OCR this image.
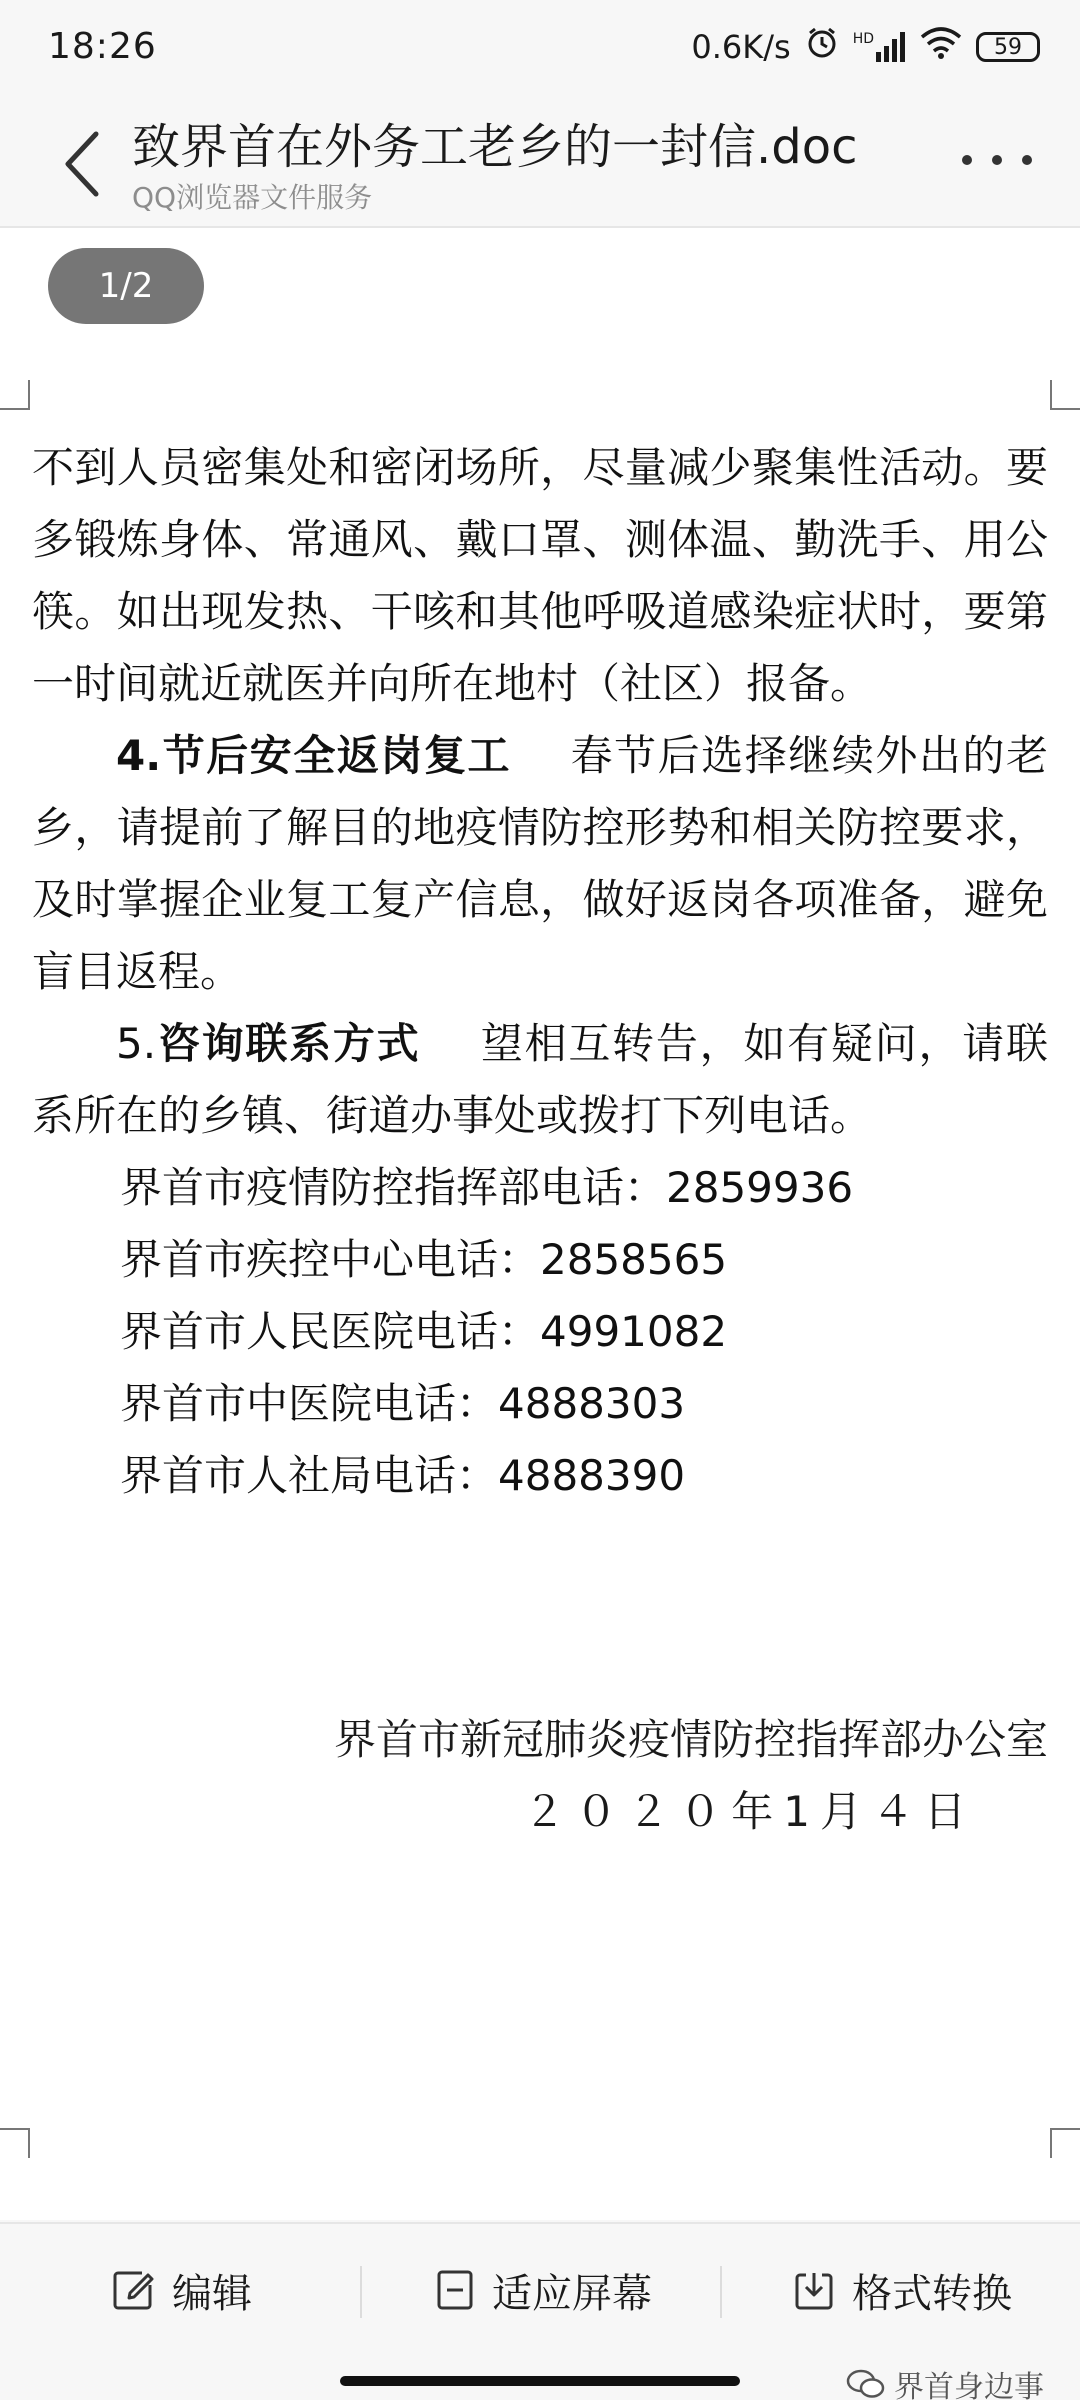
18:26	0.6K/s	HD	59
致界首在外务工老乡的一封信.doc
QQ浏览器文件服务
1/2

不到人员密集处和密闭场所，尽量减少聚集性活动。要多锻炼身体、常通风、戴口罩、测体温、勤洗手、用公筷。如出现发热、干咳和其他呼吸道感染症状时，要第一时间就近就医并向所在地村（社区）报备。

4.节后安全返岗复工 春节后选择继续外出的老乡，请提前了解目的地疫情防控形势和相关防控要求，及时掌握企业复工复产信息，做好返岗各项准备，避免盲目返程。

5.咨询联系方式 望相互转告，如有疑问，请联系所在的乡镇、街道办事处或拨打下列电话。

界首市疫情防控指挥部电话：2859936

界首市疾控中心电话：2858565

界首市人民医院电话：4991082

界首市中医院电话：4888303

界首市人社局电话：4888390

界首市新冠肺炎疫情防控指挥部办公室
２０２０年1月４日
编辑	适应屏幕	格式转换
界首身边事
